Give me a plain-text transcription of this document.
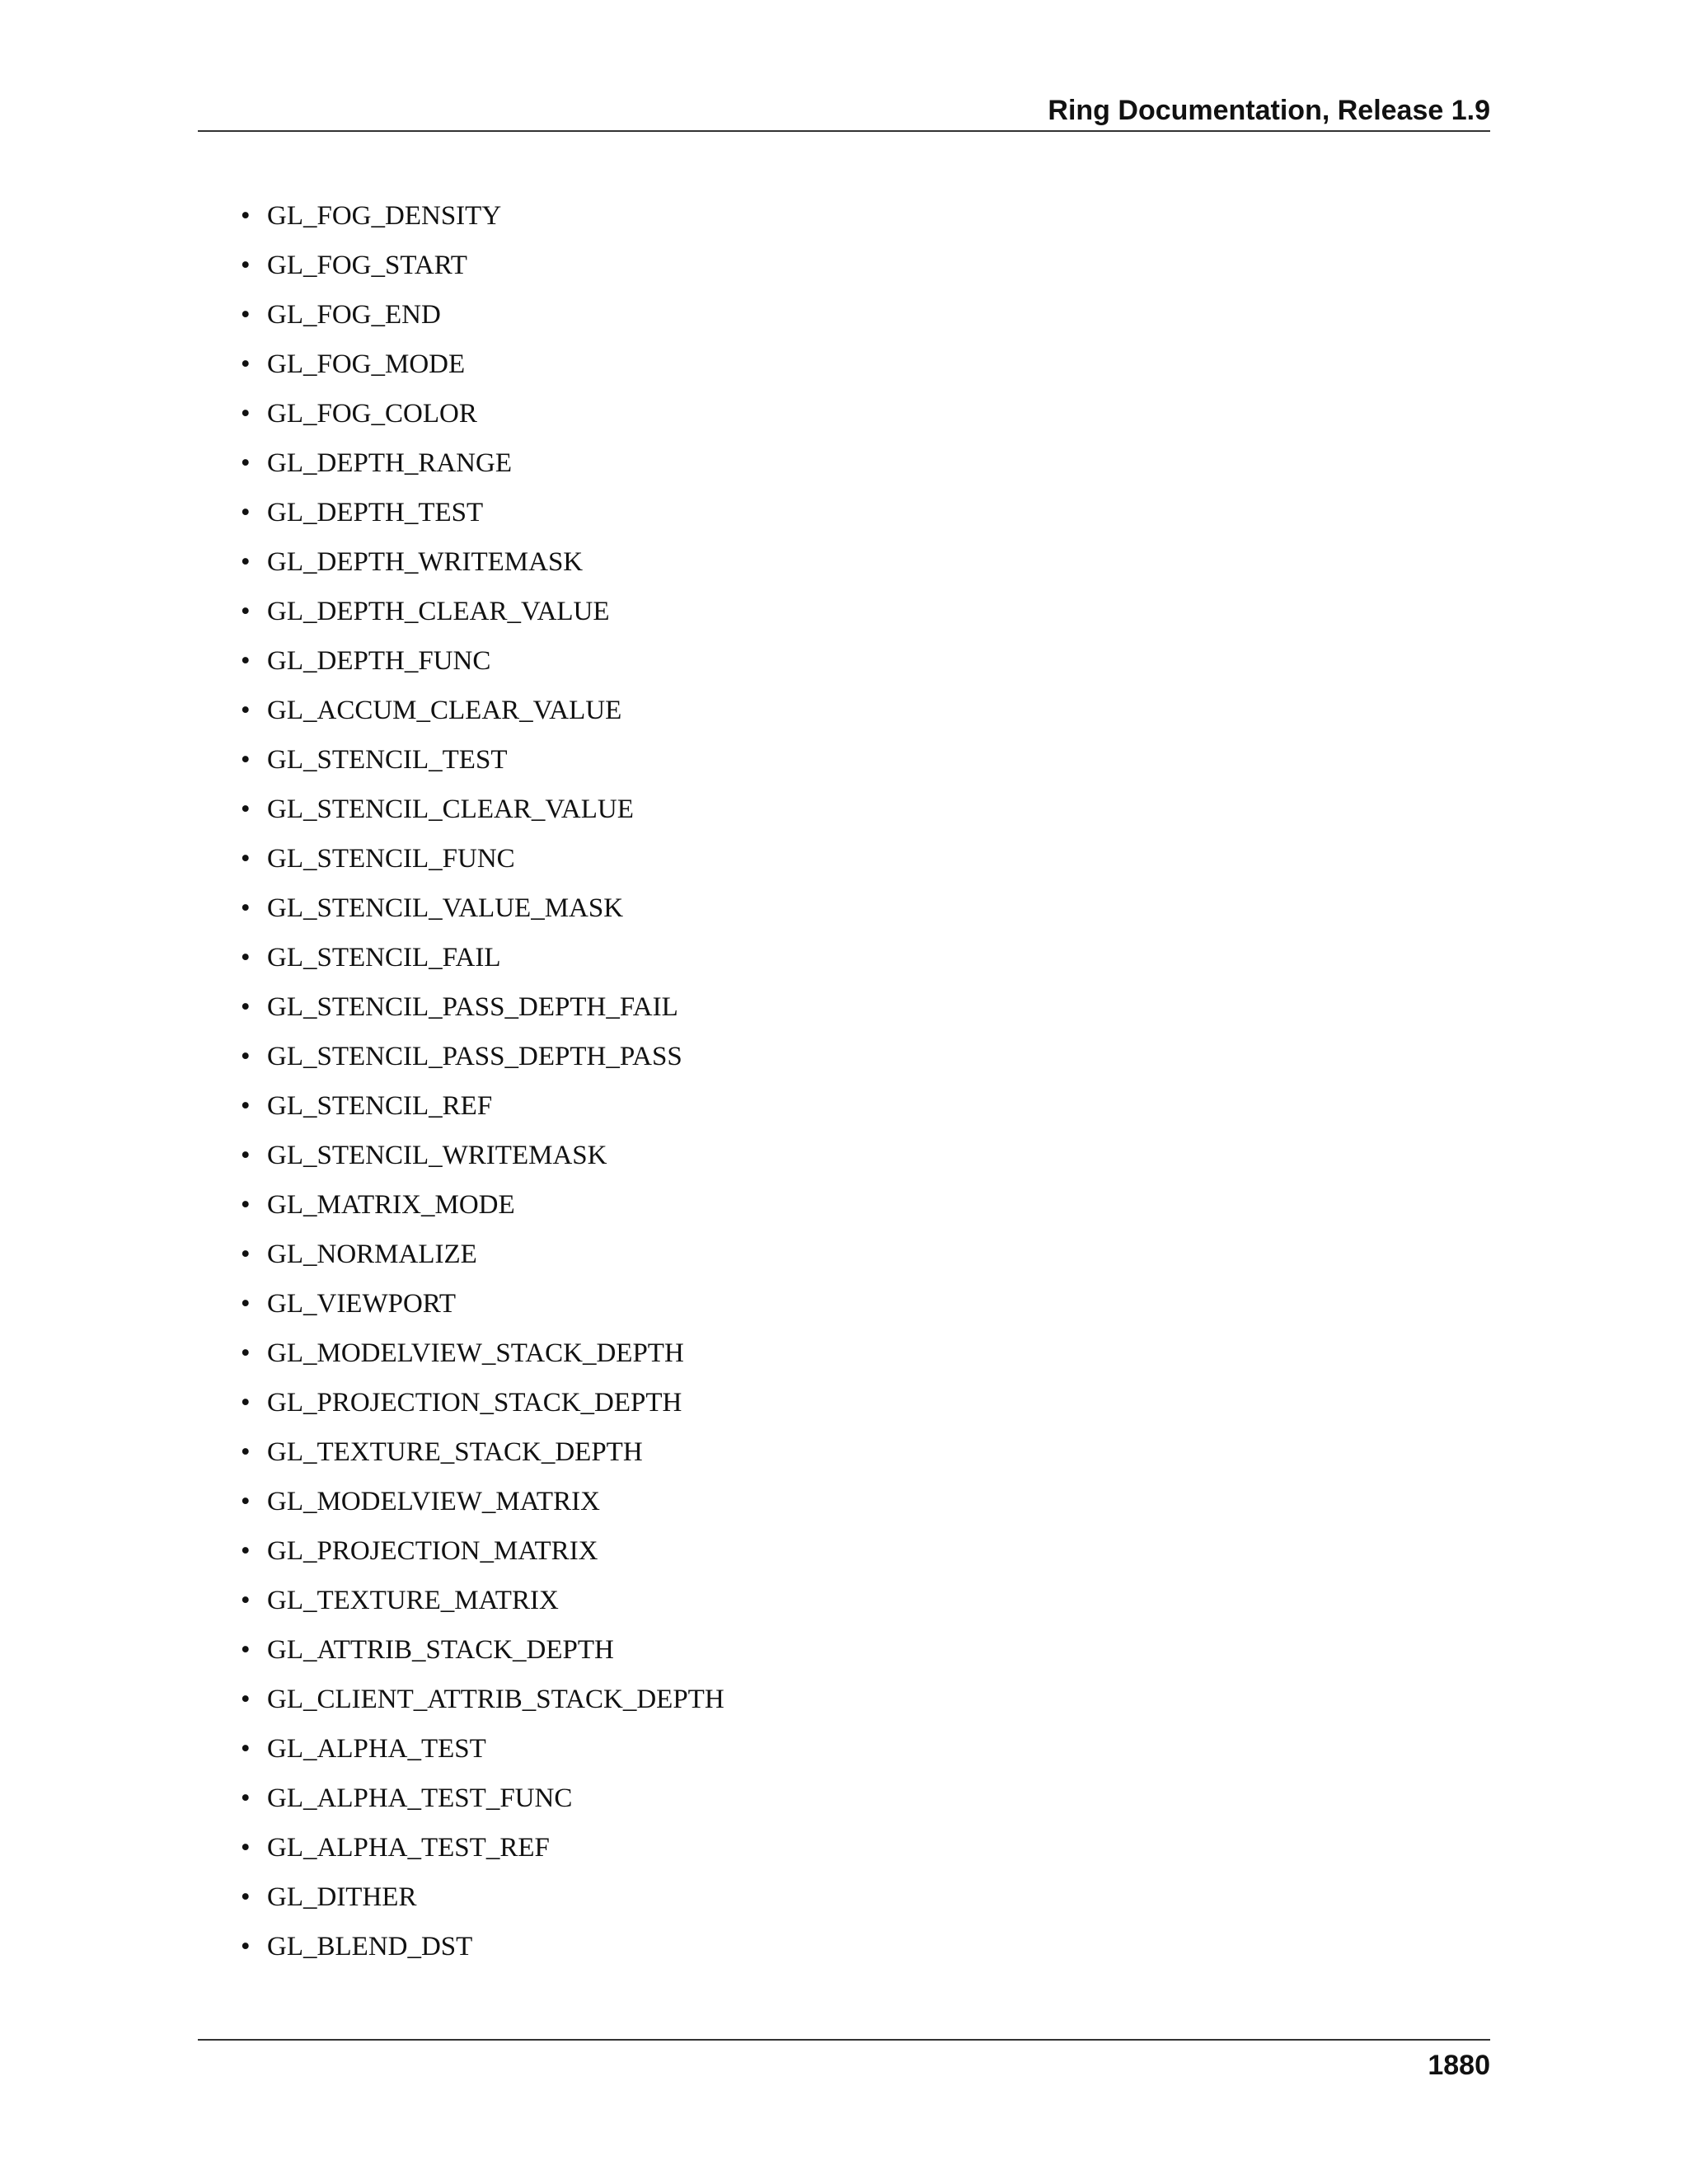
Ring Documentation, Release 1.9
• GL_FOG_DENSITY
• GL_FOG_START
• GL_FOG_END
• GL_FOG_MODE
• GL_FOG_COLOR
• GL_DEPTH_RANGE
• GL_DEPTH_TEST
• GL_DEPTH_WRITEMASK
• GL_DEPTH_CLEAR_VALUE
• GL_DEPTH_FUNC
• GL_ACCUM_CLEAR_VALUE
• GL_STENCIL_TEST
• GL_STENCIL_CLEAR_VALUE
• GL_STENCIL_FUNC
• GL_STENCIL_VALUE_MASK
• GL_STENCIL_FAIL
• GL_STENCIL_PASS_DEPTH_FAIL
• GL_STENCIL_PASS_DEPTH_PASS
• GL_STENCIL_REF
• GL_STENCIL_WRITEMASK
• GL_MATRIX_MODE
• GL_NORMALIZE
• GL_VIEWPORT
• GL_MODELVIEW_STACK_DEPTH
• GL_PROJECTION_STACK_DEPTH
• GL_TEXTURE_STACK_DEPTH
• GL_MODELVIEW_MATRIX
• GL_PROJECTION_MATRIX
• GL_TEXTURE_MATRIX
• GL_ATTRIB_STACK_DEPTH
• GL_CLIENT_ATTRIB_STACK_DEPTH
• GL_ALPHA_TEST
• GL_ALPHA_TEST_FUNC
• GL_ALPHA_TEST_REF
• GL_DITHER
• GL_BLEND_DST
1880
